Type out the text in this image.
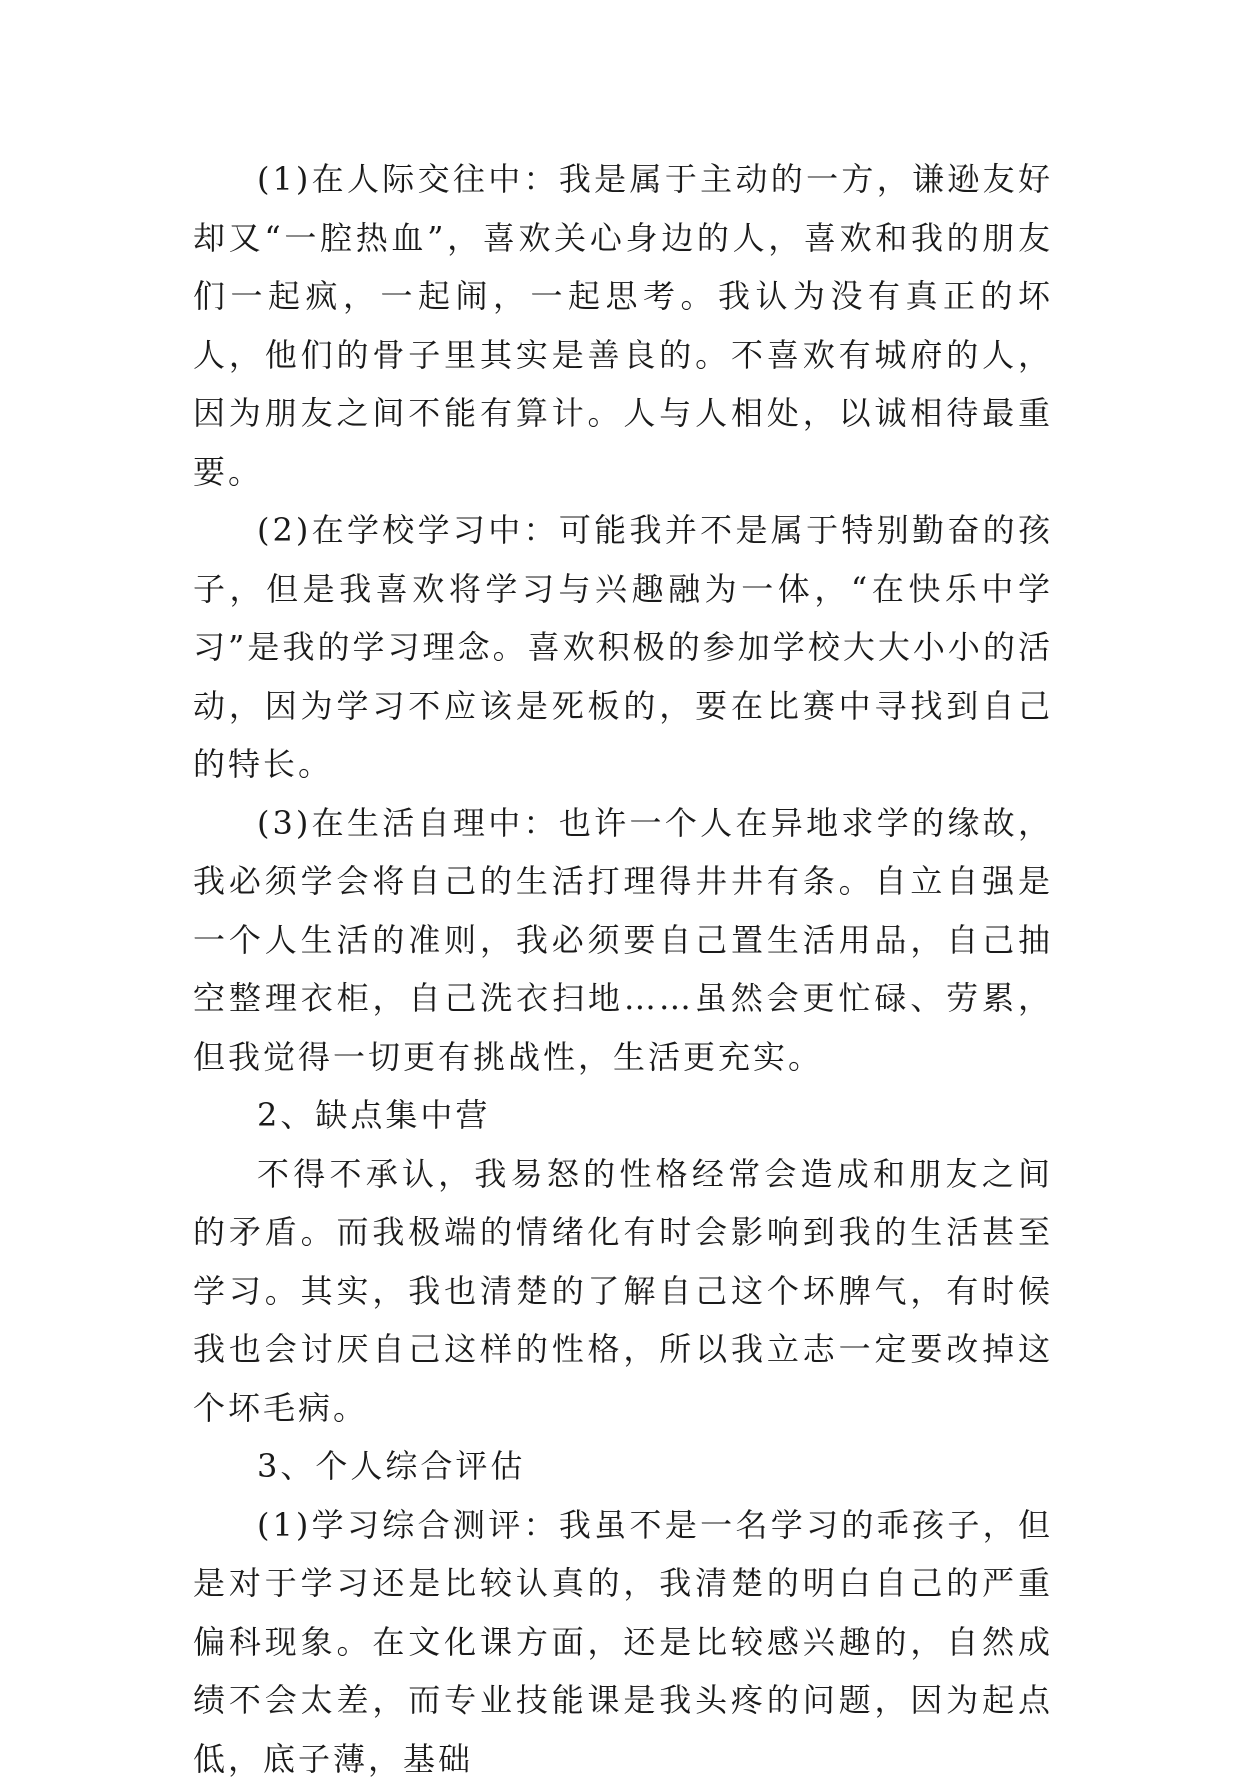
(1)在人际交往中：我是属于主动的一方，谦逊友好却又“一腔热血”，喜欢关心身边的人，喜欢和我的朋友们一起疯，一起闹，一起思考。我认为没有真正的坏人，他们的骨子里其实是善良的。不喜欢有城府的人，因为朋友之间不能有算计。人与人相处，以诚相待最重要。

(2)在学校学习中：可能我并不是属于特别勤奋的孩子，但是我喜欢将学习与兴趣融为一体，“在快乐中学习”是我的学习理念。喜欢积极的参加学校大大小小的活动，因为学习不应该是死板的，要在比赛中寻找到自己的特长。

(3)在生活自理中：也许一个人在异地求学的缘故，我必须学会将自己的生活打理得井井有条。自立自强是一个人生活的准则，我必须要自己置生活用品，自己抽空整理衣柜，自己洗衣扫地……虽然会更忙碌、劳累，但我觉得一切更有挑战性，生活更充实。

2、缺点集中营

不得不承认，我易怒的性格经常会造成和朋友之间的矛盾。而我极端的情绪化有时会影响到我的生活甚至学习。其实，我也清楚的了解自己这个坏脾气，有时候我也会讨厌自己这样的性格，所以我立志一定要改掉这个坏毛病。

3、个人综合评估

(1)学习综合测评：我虽不是一名学习的乖孩子，但是对于学习还是比较认真的，我清楚的明白自己的严重偏科现象。在文化课方面，还是比较感兴趣的，自然成绩不会太差，而专业技能课是我头疼的问题，因为起点低，底子薄，基础
